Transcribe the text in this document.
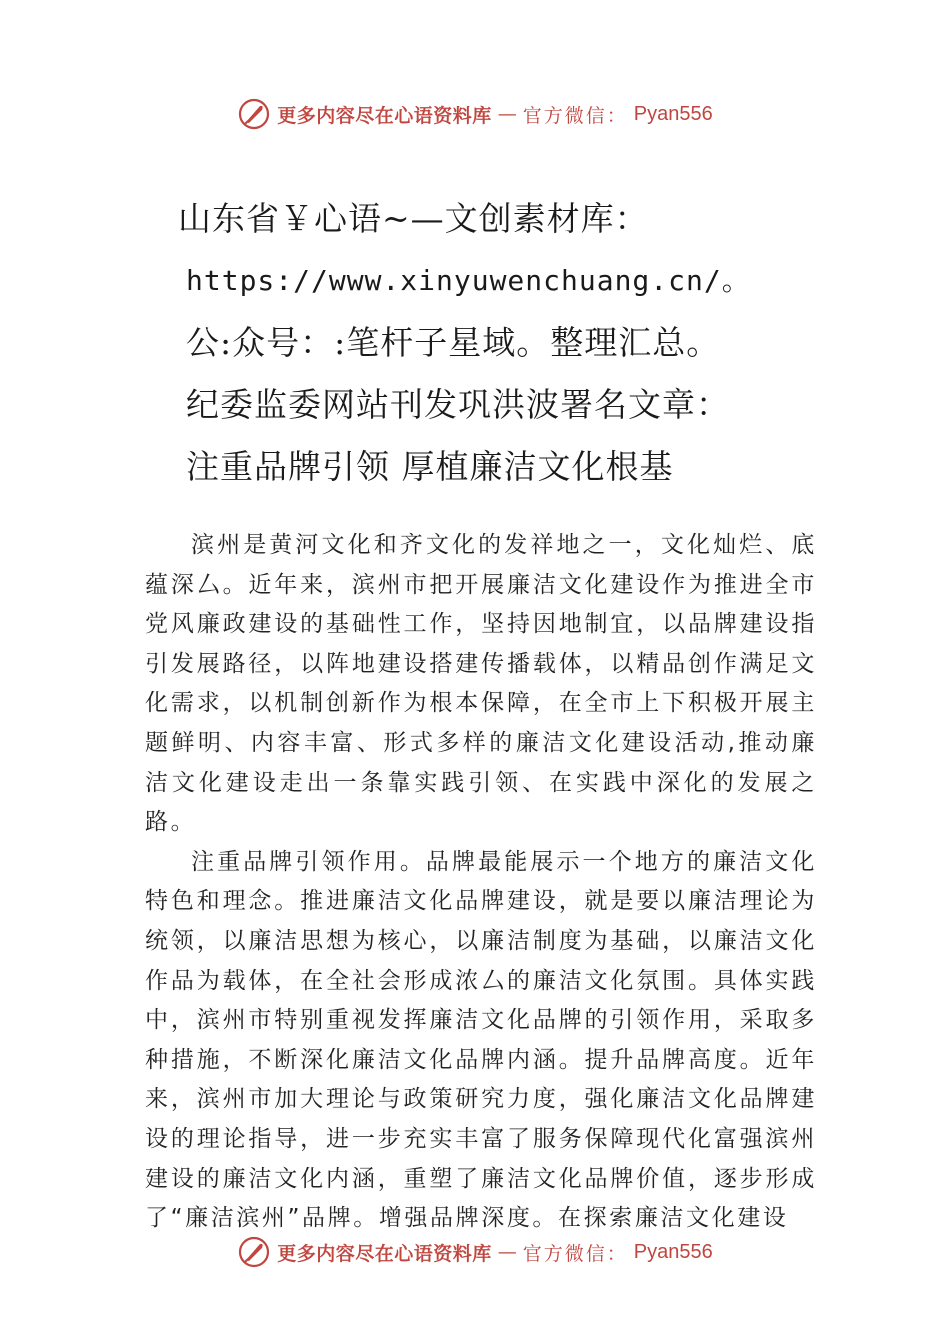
更多内容尽在心语资料库 — 官方微信： Pyan556
山东省￥心语~—文创素材库：
https://www.xinyuwenchuang.cn/。
公:众号：:笔杆子星域。整理汇总。
纪委监委网站刊发巩洪波署名文章：
注重品牌引领 厚植廉洁文化根基

滨州是黄河文化和齐文化的发祥地之一，文化灿烂、底蕴深厶。近年来，滨州市把开展廉洁文化建设作为推进全市党风廉政建设的基础性工作，坚持因地制宜，以品牌建设指引发展路径，以阵地建设搭建传播载体，以精品创作满足文化需求，以机制创新作为根本保障，在全市上下积极开展主题鲜明、内容丰富、形式多样的廉洁文化建设活动,推动廉洁文化建设走出一条靠实践引领、在实践中深化的发展之路。

注重品牌引领作用。品牌最能展示一个地方的廉洁文化特色和理念。推进廉洁文化品牌建设，就是要以廉洁理论为统领，以廉洁思想为核心，以廉洁制度为基础，以廉洁文化作品为载体，在全社会形成浓厶的廉洁文化氛围。具体实践中，滨州市特别重视发挥廉洁文化品牌的引领作用，采取多种措施，不断深化廉洁文化品牌内涵。提升品牌高度。近年来，滨州市加大理论与政策研究力度，强化廉洁文化品牌建设的理论指导，进一步充实丰富了服务保障现代化富强滨州建设的廉洁文化内涵，重塑了廉洁文化品牌价值，逐步形成了“廉洁滨州”品牌。增强品牌深度。在探索廉洁文化建设

更多内容尽在心语资料库 — 官方微信： Pyan556
